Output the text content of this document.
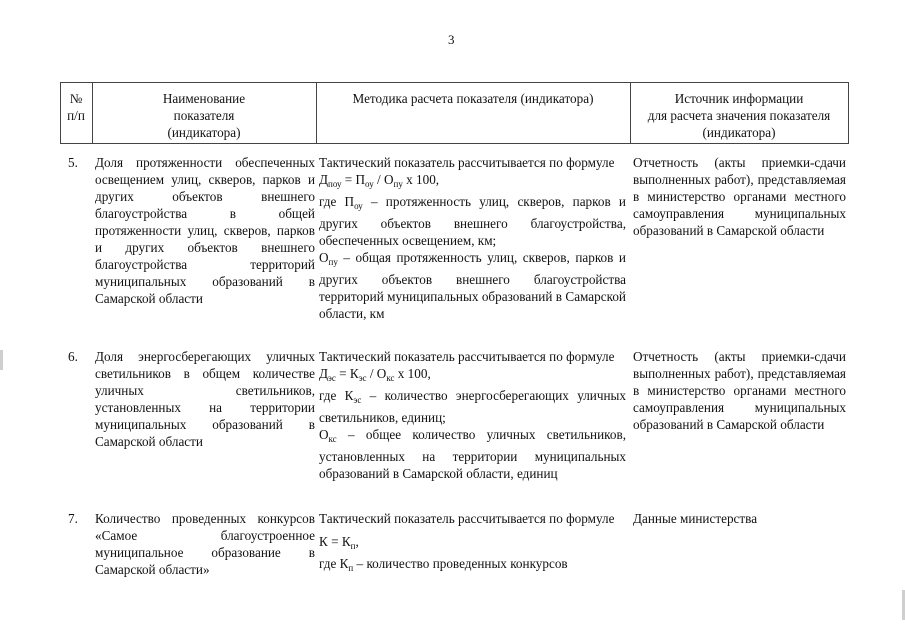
3
№
п/п
Наименование
показателя
(индикатора)
Методика расчета показателя (индикатора)	Источник информации
для расчета значения показателя
(индикатора)
5. Доля протяженности обеспеченных освещением улиц, скверов, парков и других объектов внешнего благоустройства в общей протяженности улиц, скверов, парков и других объектов внешнего благоустройства территорий муниципальных образований в Самарской области
Тактический показатель рассчитывается по формуле
$Д_{поу} = П_{оу} / О_{пу}$ х 100,
где $П_{оу}$ – протяженность улиц, скверов, парков и других объектов внешнего благоустройства, обеспеченных освещением, км;
$О_{пу}$ – общая протяженность улиц, скверов, парков и других объектов внешнего благоустройства территорий муниципальных образований в Самарской области, км
Отчетность (акты приемки-сдачи выполненных работ), представляемая в министерство органами местного самоуправления муниципальных образований в Самарской области
6. Доля энергосберегающих уличных светильников в общем количестве уличных светильников, установленных на территории муниципальных образований в Самарской области
Тактический показатель рассчитывается по формуле
$Д_{эс} = К_{эс} / О_{кс}$ х 100,
где $К_{эс}$ – количество энергосберегающих уличных светильников, единиц;
$О_{кс}$ – общее количество уличных светильников, установленных на территории муниципальных образований в Самарской области, единиц
Отчетность (акты приемки-сдачи выполненных работ), представляемая в министерство органами местного самоуправления муниципальных образований в Самарской области
7. Количество проведенных конкурсов «Самое благоустроенное муниципальное образование в Самарской области»
Тактический показатель рассчитывается по формуле
$К = К_п$,
где $К_п$ – количество проведенных конкурсов
Данные министерства
